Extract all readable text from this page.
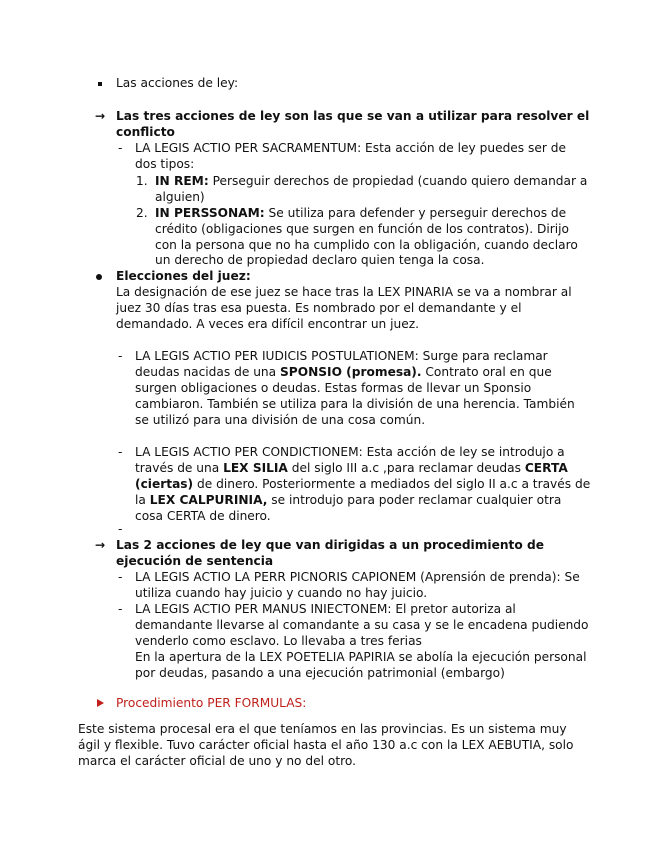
Las acciones de ley:
→ Las tres acciones de ley son las que se van a utilizar para resolver el
conflicto
- LA LEGIS ACTIO PER SACRAMENTUM: Esta acción de ley puedes ser de
dos tipos:
1. IN REM: Perseguir derechos de propiedad (cuando quiero demandar a
alguien)
2. IN PERSSONAM: Se utiliza para defender y perseguir derechos de
crédito (obligaciones que surgen en función de los contratos). Dirijo
con la persona que no ha cumplido con la obligación, cuando declaro
un derecho de propiedad declaro quien tenga la cosa.
Elecciones del juez:
La designación de ese juez se hace tras la LEX PINARIA se va a nombrar al
juez 30 días tras esa puesta. Es nombrado por el demandante y el
demandado. A veces era difícil encontrar un juez.
- LA LEGIS ACTIO PER IUDICIS POSTULATIONEM: Surge para reclamar
deudas nacidas de una SPONSIO (promesa). Contrato oral en que
surgen obligaciones o deudas. Estas formas de llevar un Sponsio
cambiaron. También se utiliza para la división de una herencia. También
se utilizó para una división de una cosa común.
- LA LEGIS ACTIO PER CONDICTIONEM: Esta acción de ley se introdujo a
través de una LEX SILIA del siglo III a.c ,para reclamar deudas CERTA
(ciertas) de dinero. Posteriormente a mediados del siglo II a.c a través de
la LEX CALPURINIA, se introdujo para poder reclamar cualquier otra
cosa CERTA de dinero.
-
→ Las 2 acciones de ley que van dirigidas a un procedimiento de
ejecución de sentencia
- LA LEGIS ACTIO LA PERR PICNORIS CAPIONEM (Aprensión de prenda): Se
utiliza cuando hay juicio y cuando no hay juicio.
- LA LEGIS ACTIO PER MANUS INIECTONEM: El pretor autoriza al
demandante llevarse al comandante a su casa y se le encadena pudiendo
venderlo como esclavo. Lo llevaba a tres ferias
En la apertura de la LEX POETELIA PAPIRIA se abolía la ejecución personal
por deudas, pasando a una ejecución patrimonial (embargo)
Procedimiento PER FORMULAS:
Este sistema procesal era el que teníamos en las provincias. Es un sistema muy
ágil y flexible. Tuvo carácter oficial hasta el año 130 a.c con la LEX AEBUTIA, solo
marca el carácter oficial de uno y no del otro.
